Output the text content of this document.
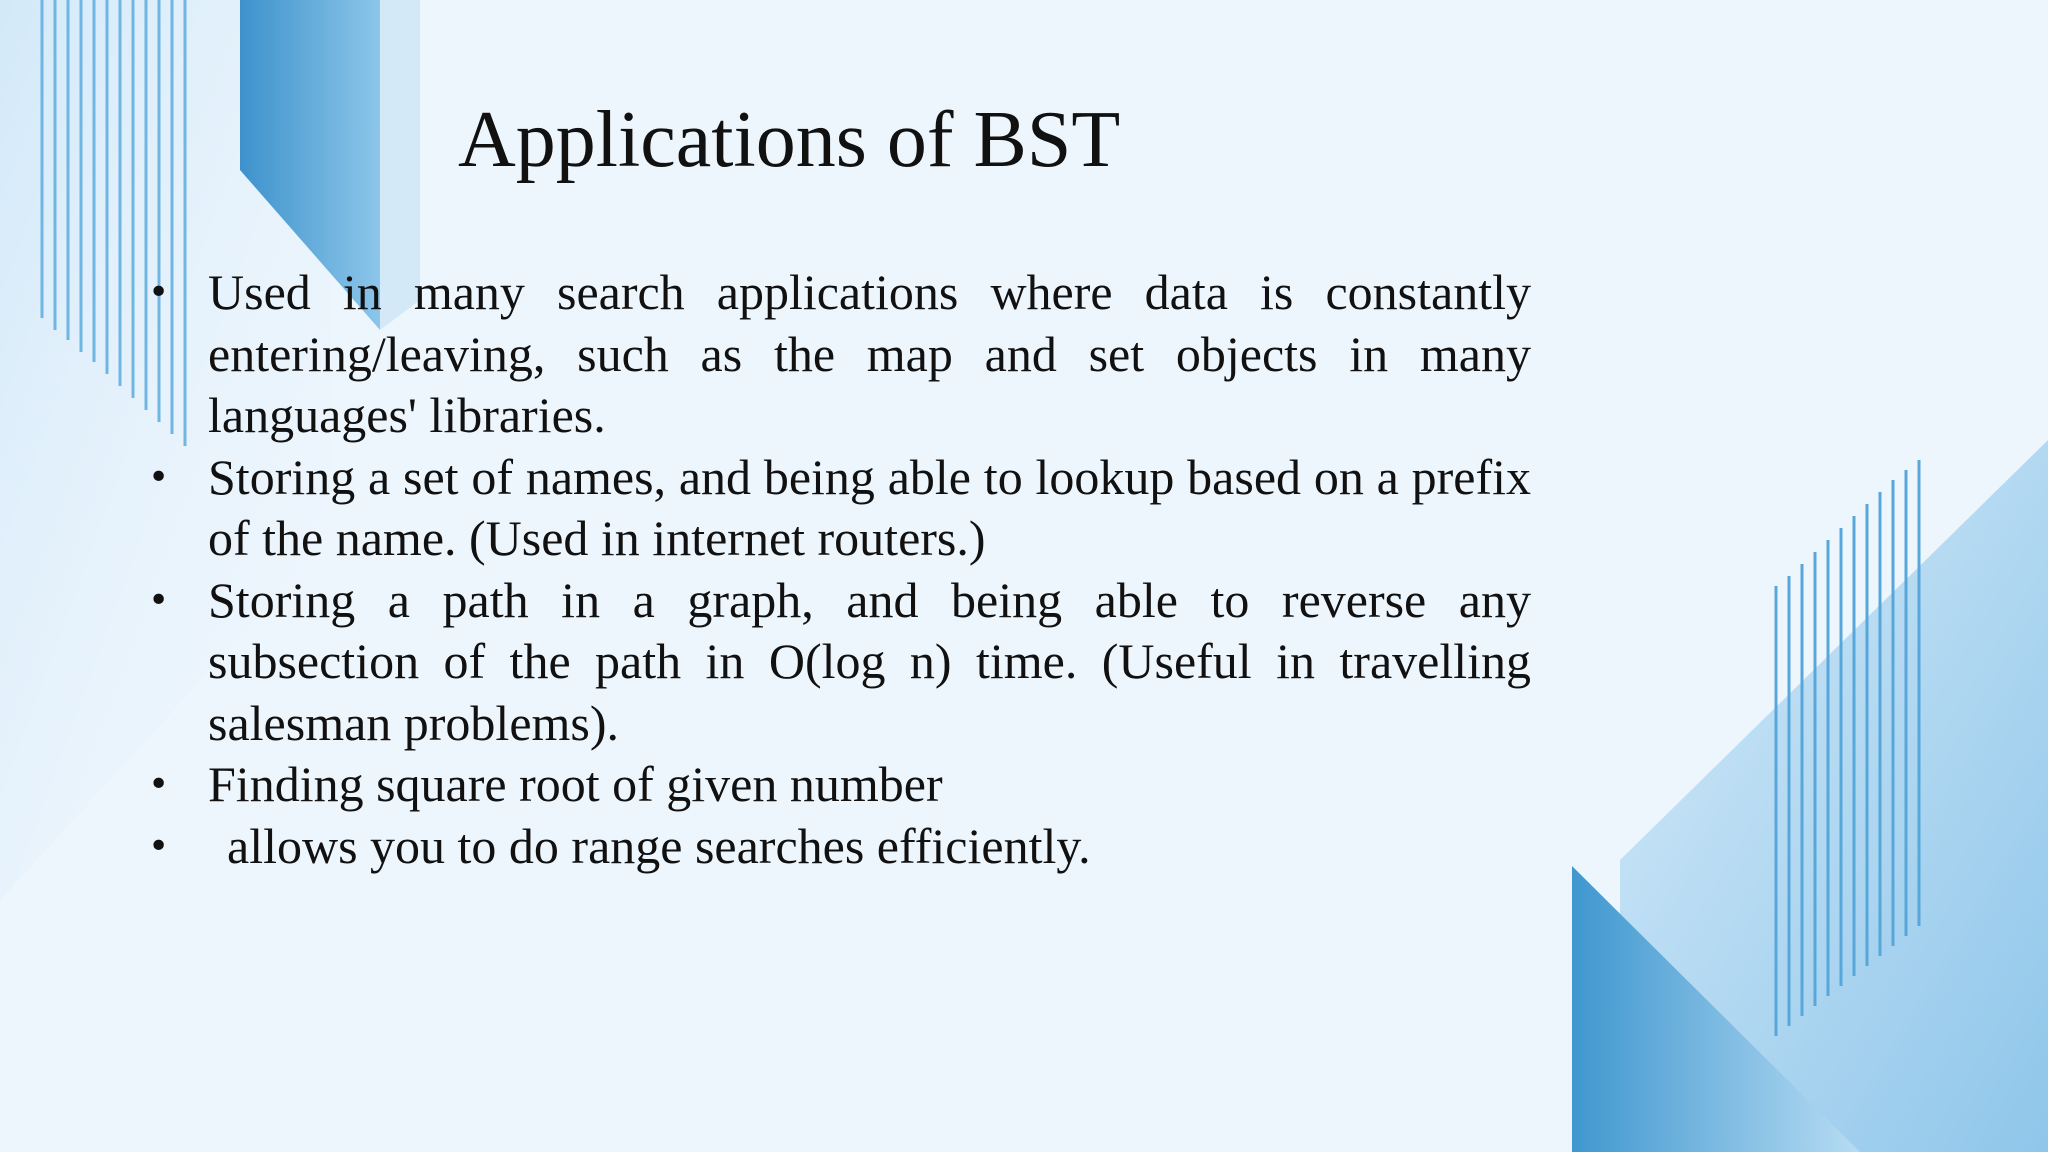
Applications of BST
• Used in many search applications where data is constantly entering/leaving, such as the map and set objects in many languages' libraries.
• Storing a set of names, and being able to lookup based on a prefix of the name. (Used in internet routers.)
• Storing a path in a graph, and being able to reverse any subsection of the path in O(log n) time. (Useful in travelling salesman problems).
• Finding square root of given number
• allows you to do range searches efficiently.
